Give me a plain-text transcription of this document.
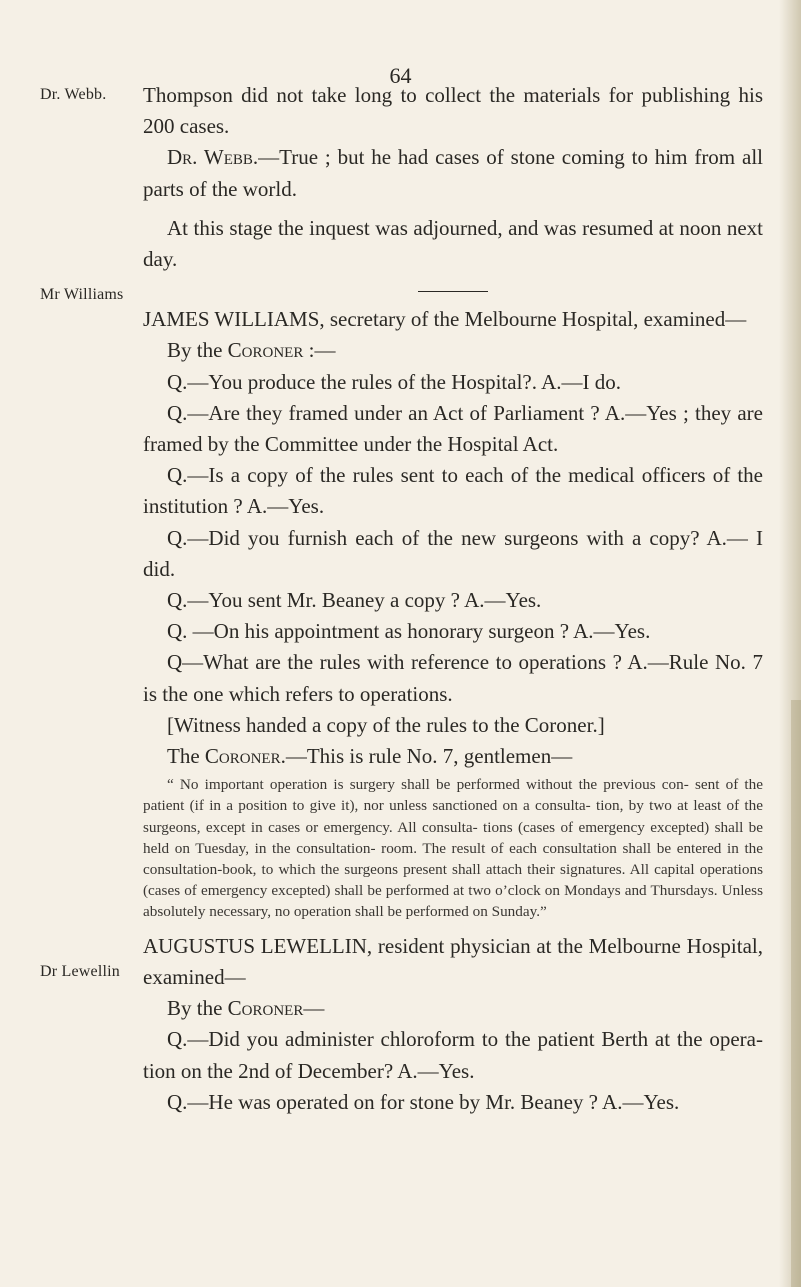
64
Dr. Webb.
Mr Williams
Dr Lewellin

Thompson did not take long to collect the materials for publishing his 200 cases.

Dr. Webb.—True ; but he had cases of stone coming to him from all parts of the world.

At this stage the inquest was adjourned, and was resumed at noon next day.

JAMES WILLIAMS, secretary of the Melbourne Hospital, examined—

By the Coroner :—

Q.—You produce the rules of the Hospital?. A.—I do.

Q.—Are they framed under an Act of Parliament ? A.—Yes ; they are framed by the Committee under the Hospital Act.

Q.—Is a copy of the rules sent to each of the medical officers of the institution ? A.—Yes.

Q.—Did you furnish each of the new surgeons with a copy? A.— I did.

Q.—You sent Mr. Beaney a copy ? A.—Yes.

Q. —On his appointment as honorary surgeon ? A.—Yes.

Q—What are the rules with reference to operations ? A.—Rule No. 7 is the one which refers to operations.

[Witness handed a copy of the rules to the Coroner.]

The Coroner.—This is rule No. 7, gentlemen—

“ No important operation is surgery shall be performed without the previous con- sent of the patient (if in a position to give it), nor unless sanctioned on a consulta- tion, by two at least of the surgeons, except in cases or emergency. All consulta- tions (cases of emergency excepted) shall be held on Tuesday, in the consultation- room. The result of each consultation shall be entered in the consultation-book, to which the surgeons present shall attach their signatures. All capital operations (cases of emergency excepted) shall be performed at two o’clock on Mondays and Thursdays. Unless absolutely necessary, no operation shall be performed on Sunday.”

AUGUSTUS LEWELLIN, resident physician at the Melbourne Hospital, examined—

By the Coroner—

Q.—Did you administer chloroform to the patient Berth at the opera- tion on the 2nd of December? A.—Yes.

Q.—He was operated on for stone by Mr. Beaney ? A.—Yes.
